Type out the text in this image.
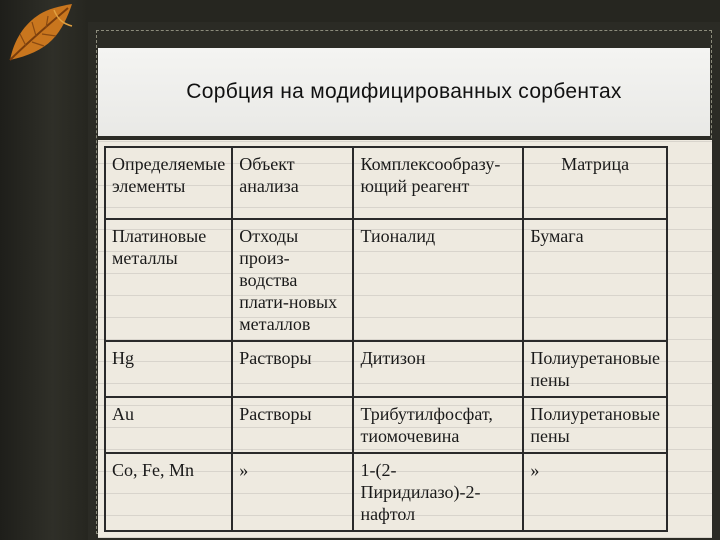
Сорбция на модифицированных сорбентах
Определяемые элементы	Объект анализа	Комплексообразу-ющий реагент	Матрица
Платиновые металлы	Отходы произ-водства плати-новых металлов	Тионалид	Бумага
Hg	Растворы	Дитизон	Полиуретановые пены
Au	Растворы	Трибутилфосфат, тиомочевина	Полиуретановые пены
Co, Fe, Mn	»	1-(2-Пиридилазо)-2-нафтол	»
